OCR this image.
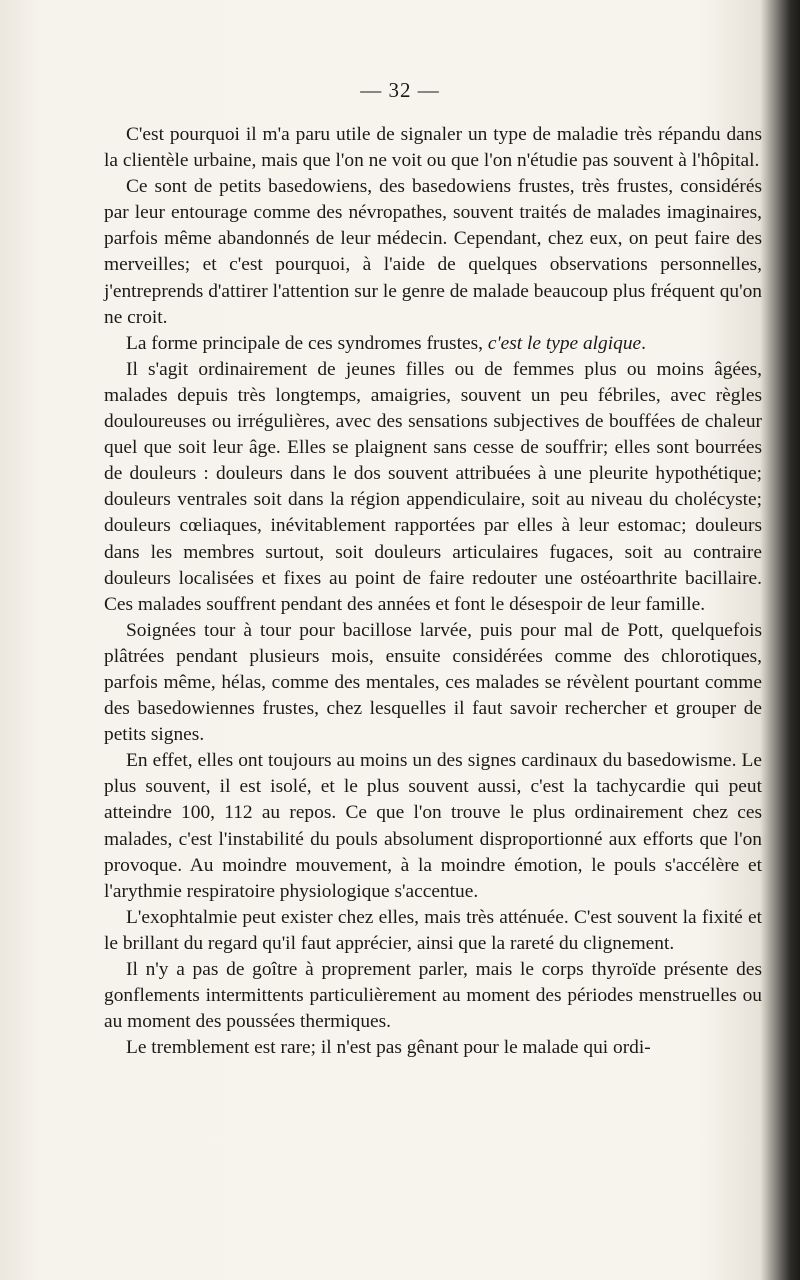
— 32 —

C'est pourquoi il m'a paru utile de signaler un type de maladie très répandu dans la clientèle urbaine, mais que l'on ne voit ou que l'on n'étudie pas souvent à l'hôpital.

Ce sont de petits basedowiens, des basedowiens frustes, très frustes, considérés par leur entourage comme des névropathes, souvent traités de malades imaginaires, parfois même abandonnés de leur médecin. Cependant, chez eux, on peut faire des merveilles; et c'est pourquoi, à l'aide de quelques observations personnelles, j'entreprends d'attirer l'attention sur le genre de malade beaucoup plus fréquent qu'on ne croit.

La forme principale de ces syndromes frustes, c'est le type algique.

Il s'agit ordinairement de jeunes filles ou de femmes plus ou moins âgées, malades depuis très longtemps, amaigries, souvent un peu fébriles, avec règles douloureuses ou irrégulières, avec des sensations subjectives de bouffées de chaleur quel que soit leur âge. Elles se plaignent sans cesse de souffrir; elles sont bourrées de douleurs : douleurs dans le dos souvent attribuées à une pleurite hypothétique; douleurs ventrales soit dans la région appendiculaire, soit au niveau du cholécyste; douleurs cœliaques, inévitablement rapportées par elles à leur estomac; douleurs dans les membres surtout, soit douleurs articulaires fugaces, soit au contraire douleurs localisées et fixes au point de faire redouter une ostéoarthrite bacillaire. Ces malades souffrent pendant des années et font le désespoir de leur famille.

Soignées tour à tour pour bacillose larvée, puis pour mal de Pott, quelquefois plâtrées pendant plusieurs mois, ensuite considérées comme des chlorotiques, parfois même, hélas, comme des mentales, ces malades se révèlent pourtant comme des basedowiennes frustes, chez lesquelles il faut savoir rechercher et grouper de petits signes.

En effet, elles ont toujours au moins un des signes cardinaux du basedowisme. Le plus souvent, il est isolé, et le plus souvent aussi, c'est la tachycardie qui peut atteindre 100, 112 au repos. Ce que l'on trouve le plus ordinairement chez ces malades, c'est l'instabilité du pouls absolument disproportionné aux efforts que l'on provoque. Au moindre mouvement, à la moindre émotion, le pouls s'accélère et l'arythmie respiratoire physiologique s'accentue.

L'exophtalmie peut exister chez elles, mais très atténuée. C'est souvent la fixité et le brillant du regard qu'il faut apprécier, ainsi que la rareté du clignement.

Il n'y a pas de goître à proprement parler, mais le corps thyroïde présente des gonflements intermittents particulièrement au moment des périodes menstruelles ou au moment des poussées thermiques.

Le tremblement est rare; il n'est pas gênant pour le malade qui ordi-
